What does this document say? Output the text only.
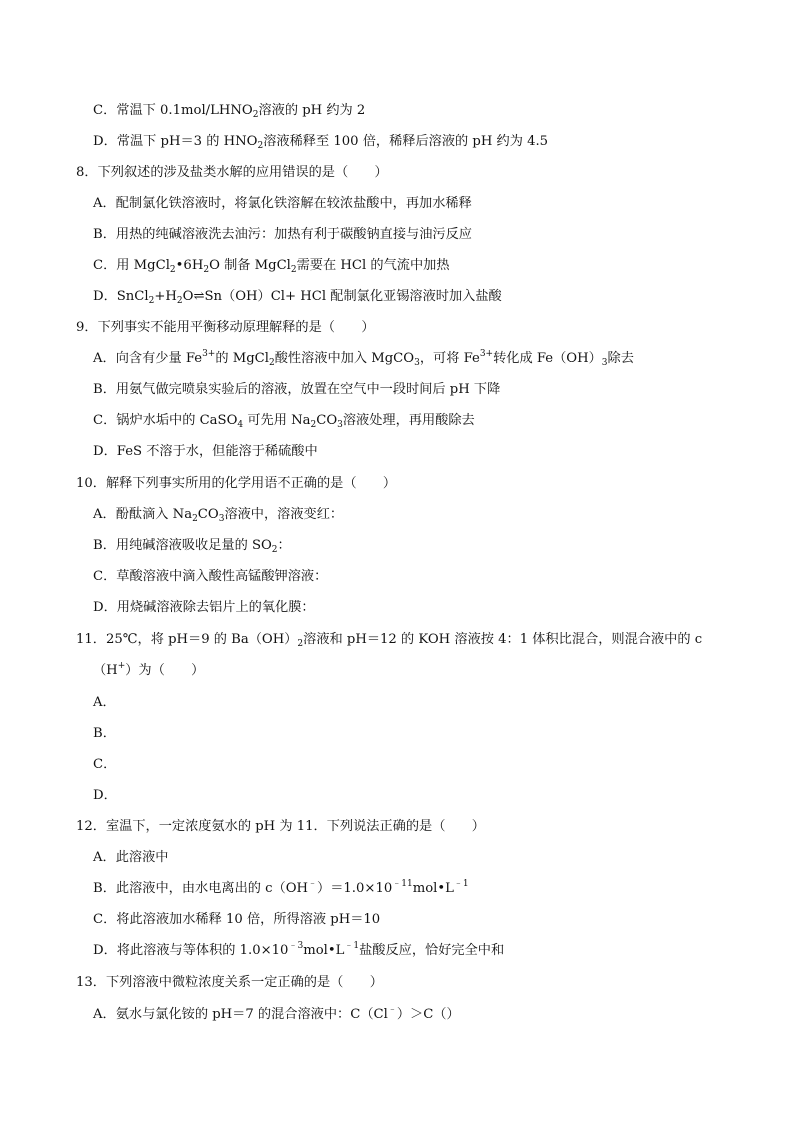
C．常温下 $0.1mol/LHNO_2$溶液的 pH 约为 2
D．常温下 pH＝3 的 $HNO_2$溶液稀释至 100 倍，稀释后溶液的 pH 约为 4.5
8．下列叙述的涉及盐类水解的应用错误的是（　　）
A．配制氯化铁溶液时，将氯化铁溶解在较浓盐酸中，再加水稀释
B．用热的纯碱溶液洗去油污：加热有利于碳酸钠直接与油污反应
C．用 $MgCl_2•6H_2O$ 制备 MgCl$_2$需要在 HCl 的气流中加热
D．$SnCl_2+H_2O\rightleftharpoons Sn(OH)Cl+$ HCl 配制氯化亚锡溶液时加入盐酸
9．下列事实不能用平衡移动原理解释的是（　　）
A．向含有少量 $Fe^{3+}$的 MgCl$_2$酸性溶液中加入 MgCO$_3$，可将 $Fe^{3+}$转化成 $Fe(OH)_3$除去
B．用氨气做完喷泉实验后的溶液，放置在空气中一段时间后 pH 下降
C．锅炉水垢中的 CaSO$_4$ 可先用 $Na_2CO_3$溶液处理，再用酸除去
D．FeS 不溶于水，但能溶于稀硫酸中
10．解释下列事实所用的化学用语不正确的是（　　）
A．酚酞滴入 $Na_2CO_3$溶液中，溶液变红：
B．用纯碱溶液吸收足量的 $SO_2$：
C．草酸溶液中滴入酸性高锰酸钾溶液：
D．用烧碱溶液除去铝片上的氧化膜：
11．25℃，将 pH＝9 的 $Ba(OH)_2$溶液和 pH＝12 的 KOH 溶液按 4：1 体积比混合，则混合液中的 c
（H+）为（　　）
A．
B．
C．
D．
12．室温下，一定浓度氨水的 pH 为 11．下列说法正确的是（　　）
A．此溶液中
B．此溶液中，由水电离出的 $c(OH^﹣)=1.0\times 10^{﹣11}mol•L^{﹣1}$
C．将此溶液加水稀释 10 倍，所得溶液 pH＝10
D．将此溶液与等体积的 $1.0\times 10^{﹣3}mol•L^{﹣1}$盐酸反应，恰好完全中和
13．下列溶液中微粒浓度关系一定正确的是（　　）
A．氨水与氯化铵的 pH＝7 的混合溶液中：C（Cl﹣）＞C（）
